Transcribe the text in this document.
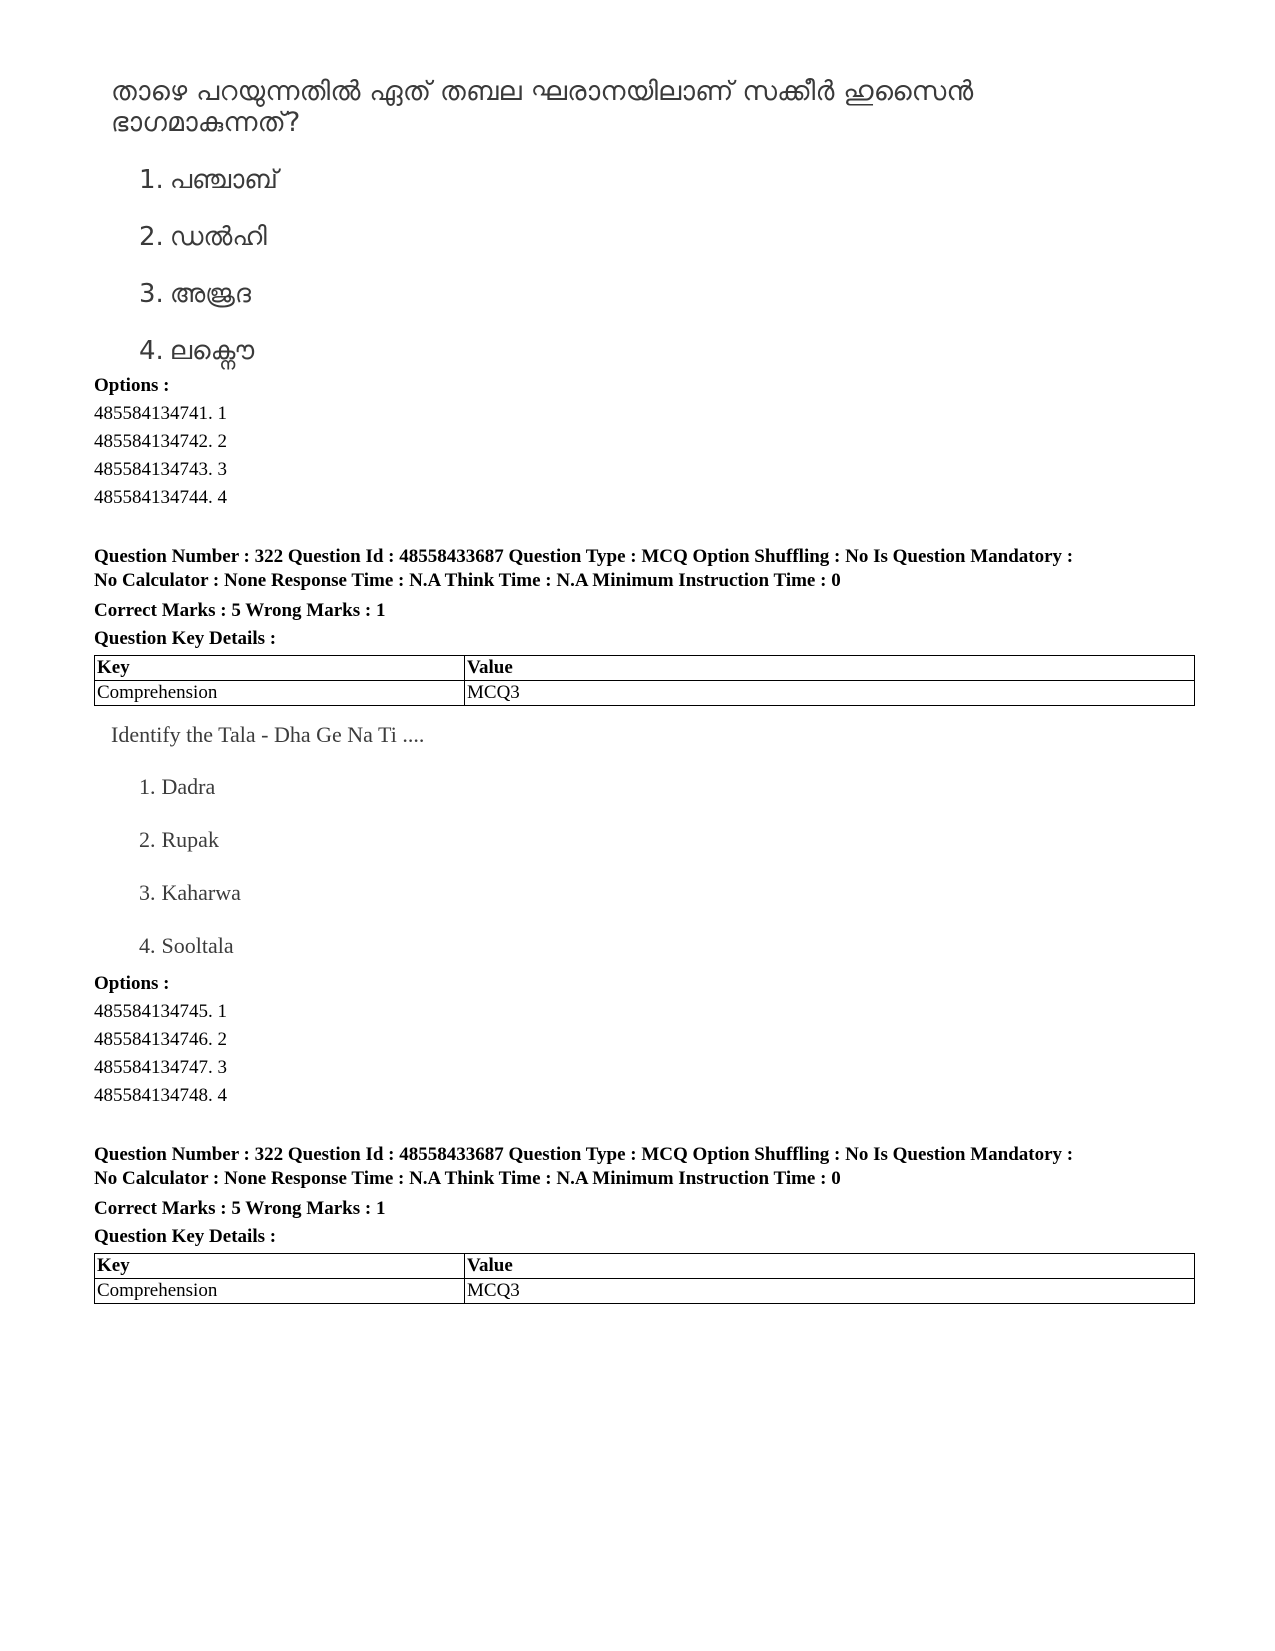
താഴെ പറയുന്നതിൽ ഏത് തബല ഘരാനയിലാണ് സക്കീർ ഹുസൈൻ ഭാഗമാകുന്നത്?
1. പഞ്ചാബ്
2. ഡൽഹി
3. അജ്രദ
4. ലക്നൌ
Options :
485584134741. 1
485584134742. 2
485584134743. 3
485584134744. 4
Question Number : 322 Question Id : 48558433687 Question Type : MCQ Option Shuffling : No Is Question Mandatory :
No Calculator : None Response Time : N.A Think Time : N.A Minimum Instruction Time : 0
Correct Marks : 5 Wrong Marks : 1
Question Key Details :
Key	Value
Comprehension	MCQ3
Identify the Tala - Dha Ge Na Ti ....
1. Dadra
2. Rupak
3. Kaharwa
4. Sooltala
Options :
485584134745. 1
485584134746. 2
485584134747. 3
485584134748. 4
Question Number : 322 Question Id : 48558433687 Question Type : MCQ Option Shuffling : No Is Question Mandatory :
No Calculator : None Response Time : N.A Think Time : N.A Minimum Instruction Time : 0
Correct Marks : 5 Wrong Marks : 1
Question Key Details :
Key	Value
Comprehension	MCQ3
